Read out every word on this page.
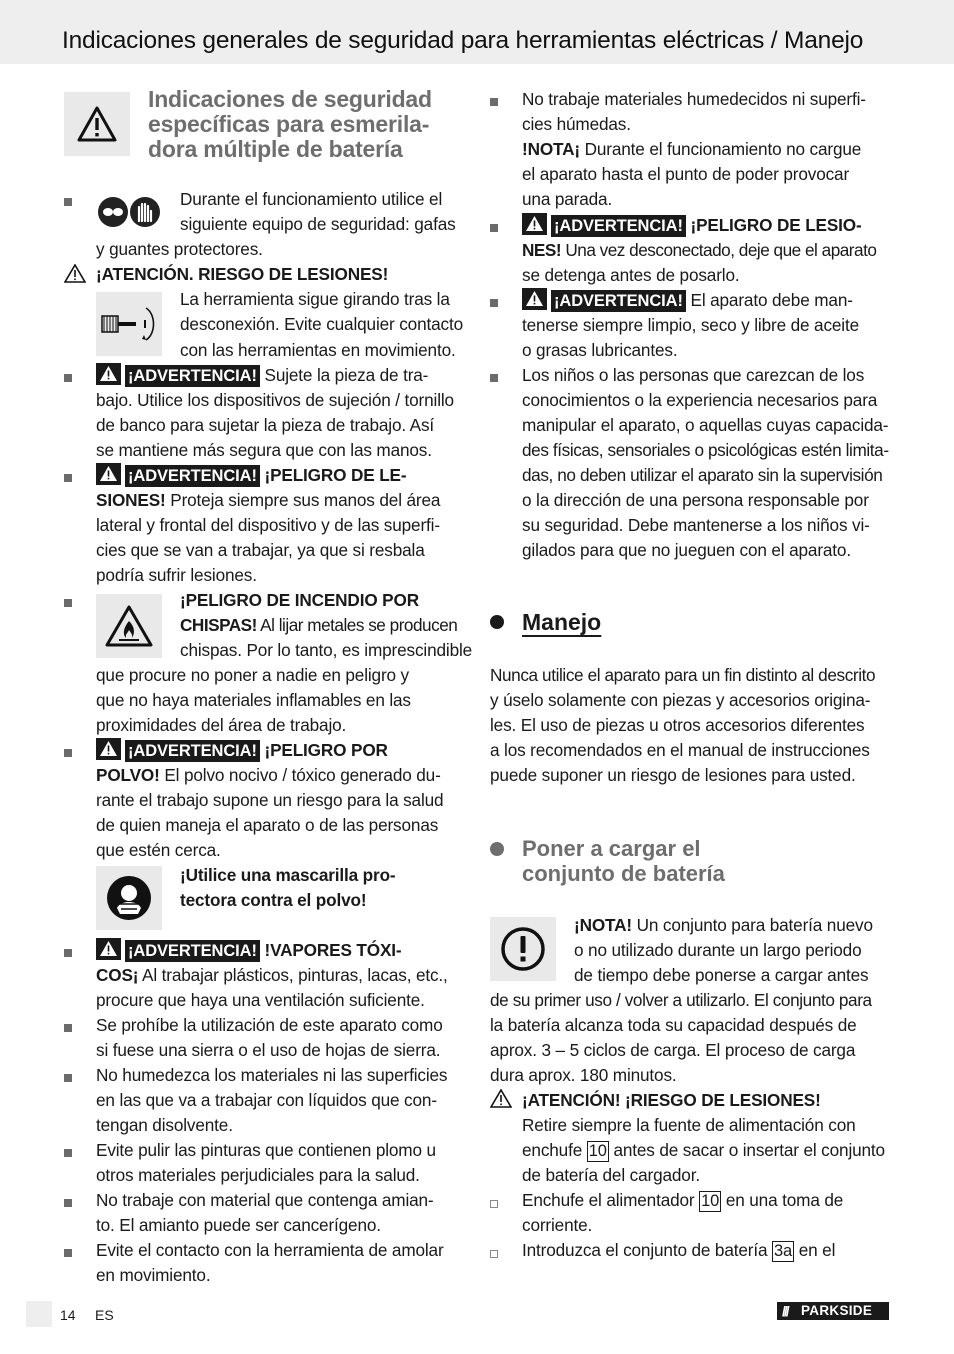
Indicaciones generales de seguridad para herramientas eléctricas / Manejo
Indicaciones de seguridad
específicas para esmerila-
dora múltiple de batería
Durante el funcionamiento utilice el
siguiente equipo de seguridad: gafas
y guantes protectores.
¡ATENCIÓN. RIESGO DE LESIONES!
La herramienta sigue girando tras la
desconexión. Evite cualquier contacto
con las herramientas en movimiento.
¡ADVERTENCIA! Sujete la pieza de tra-
bajo. Utilice los dispositivos de sujeción / tornillo
de banco para sujetar la pieza de trabajo. Así
se mantiene más segura que con las manos.
¡ADVERTENCIA! ¡PELIGRO DE LE-
SIONES! Proteja siempre sus manos del área
lateral y frontal del dispositivo y de las superfi-
cies que se van a trabajar, ya que si resbala
podría sufrir lesiones.
¡PELIGRO DE INCENDIO POR
CHISPAS! Al lijar metales se producen
chispas. Por lo tanto, es imprescindible
que procure no poner a nadie en peligro y
que no haya materiales inflamables en las
proximidades del área de trabajo.
¡ADVERTENCIA! ¡PELIGRO POR
POLVO! El polvo nocivo / tóxico generado du-
rante el trabajo supone un riesgo para la salud
de quien maneja el aparato o de las personas
que estén cerca.
¡Utilice una mascarilla pro-
tectora contra el polvo!
¡ADVERTENCIA! !VAPORES TÓXI-
COS¡ Al trabajar plásticos, pinturas, lacas, etc.,
procure que haya una ventilación suficiente.
Se prohíbe la utilización de este aparato como
si fuese una sierra o el uso de hojas de sierra.
No humedezca los materiales ni las superficies
en las que va a trabajar con líquidos que con-
tengan disolvente.
Evite pulir las pinturas que contienen plomo u
otros materiales perjudiciales para la salud.
No trabaje con material que contenga amian-
to. El amianto puede ser cancerígeno.
Evite el contacto con la herramienta de amolar
en movimiento.
No trabaje materiales humedecidos ni superfi-
cies húmedas.
!NOTA¡ Durante el funcionamiento no cargue
el aparato hasta el punto de poder provocar
una parada.
¡ADVERTENCIA! ¡PELIGRO DE LESIO-
NES! Una vez desconectado, deje que el aparato
se detenga antes de posarlo.
¡ADVERTENCIA! El aparato debe man-
tenerse siempre limpio, seco y libre de aceite
o grasas lubricantes.
Los niños o las personas que carezcan de los
conocimientos o la experiencia necesarios para
manipular el aparato, o aquellas cuyas capacida-
des físicas, sensoriales o psicológicas estén limita-
das, no deben utilizar el aparato sin la supervisión
o la dirección de una persona responsable por
su seguridad. Debe mantenerse a los niños vi-
gilados para que no jueguen con el aparato.
Manejo
Nunca utilice el aparato para un fin distinto al descrito
y úselo solamente con piezas y accesorios origina-
les. El uso de piezas u otros accesorios diferentes
a los recomendados en el manual de instrucciones
puede suponer un riesgo de lesiones para usted.
Poner a cargar el
conjunto de batería
¡NOTA! Un conjunto para batería nuevo
o no utilizado durante un largo periodo
de tiempo debe ponerse a cargar antes
de su primer uso / volver a utilizarlo. El conjunto para
la batería alcanza toda su capacidad después de
aprox. 3 – 5 ciclos de carga. El proceso de carga
dura aprox. 180 minutos.
¡ATENCIÓN! ¡RIESGO DE LESIONES!
Retire siempre la fuente de alimentación con
enchufe 10 antes de sacar o insertar el conjunto
de batería del cargador.
Enchufe el alimentador 10 en una toma de
corriente.
Introduzca el conjunto de batería 3a en el
14 ES	/// PARKSIDE
